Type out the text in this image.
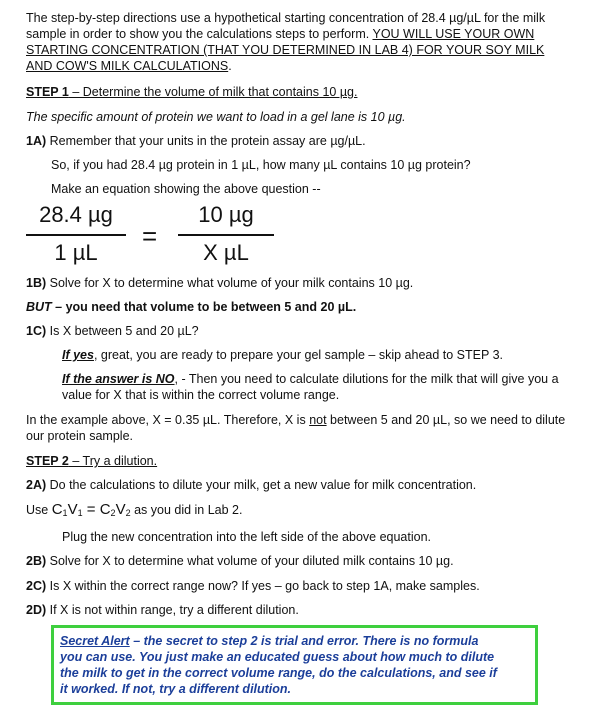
The step-by-step directions use a hypothetical starting concentration of 28.4 µg/µL for the milk
sample in order to show you the calculations steps to perform. YOU WILL USE YOUR OWN
STARTING CONCENTRATION (THAT YOU DETERMINED IN LAB 4) FOR YOUR SOY MILK
AND COW'S MILK CALCULATIONS.
STEP 1 – Determine the volume of milk that contains 10 µg.
The specific amount of protein we want to load in a gel lane is 10 µg.
1A) Remember that your units in the protein assay are µg/µL.
So, if you had 28.4 µg protein in 1 µL, how many µL contains 10 µg protein?
Make an equation showing the above question --
28.4 µg
1 µL
=
10 µg
X µL
1B) Solve for X to determine what volume of your milk contains 10 µg.
BUT – you need that volume to be between 5 and 20 µL.
1C) Is X between 5 and 20 µL?
If yes, great, you are ready to prepare your gel sample – skip ahead to STEP 3.
If the answer is NO, - Then you need to calculate dilutions for the milk that will give you a
value for X that is within the correct volume range.
In the example above, X = 0.35 µL. Therefore, X is not between 5 and 20 µL, so we need to dilute
our protein sample.
STEP 2 – Try a dilution.
2A) Do the calculations to dilute your milk, get a new value for milk concentration.
Use $C_1V_1 = C_2V_2$ as you did in Lab 2.
Plug the new concentration into the left side of the above equation.
2B) Solve for X to determine what volume of your diluted milk contains 10 µg.
2C) Is X within the correct range now? If yes – go back to step 1A, make samples.
2D) If X is not within range, try a different dilution.
Secret Alert – the secret to step 2 is trial and error. There is no formula
you can use. You just make an educated guess about how much to dilute
the milk to get in the correct volume range, do the calculations, and see if
it worked. If not, try a different dilution.
